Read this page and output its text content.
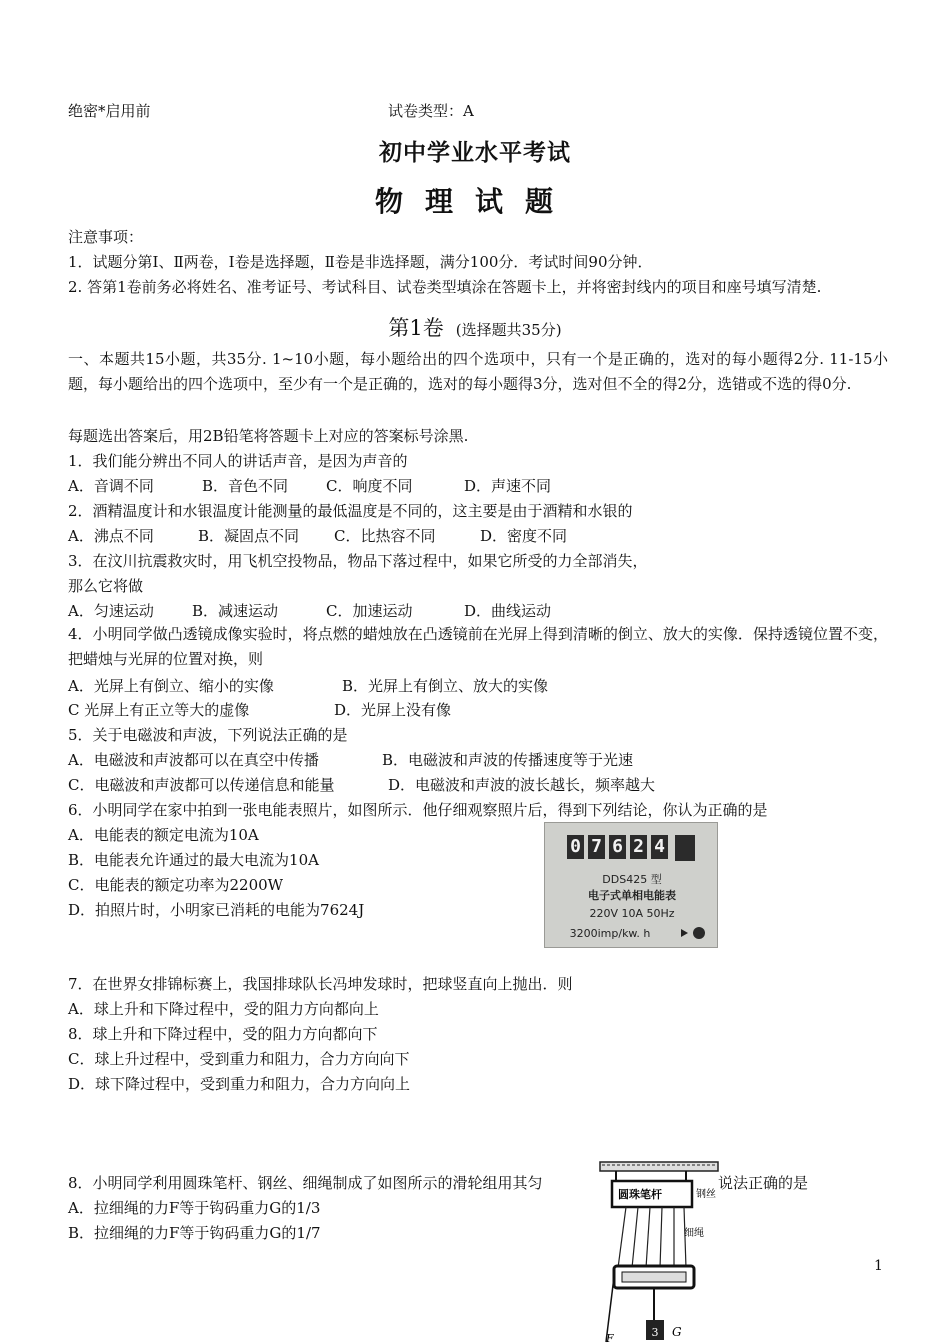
绝密*启用前	试卷类型：A
初中学业水平考试
物理试题
注意事项：
1．试题分第Ⅰ、Ⅱ两卷，Ⅰ卷是选择题，Ⅱ卷是非选择题，满分100分．考试时间90分钟．
2. 答第1卷前务必将姓名、准考证号、考试科目、试卷类型填涂在答题卡上，并将密封线内的项目和座号填写清楚.
第1卷 (选择题共35分)
一、本题共15小题，共35分. 1~10小题，每小题给出的四个选项中，只有一个是正确的，选对的每小题得2分. 11-15小题，每小题给出的四个选项中，至少有一个是正确的，选对的每小题得3分，选对但不全的得2分，选错或不选的得0分.
每题选出答案后，用2B铅笔将答题卡上对应的答案标号涂黑.
1．我们能分辨出不同人的讲话声音，是因为声音的
A．音调不同	B．音色不同	C．响度不同	D．声速不同
2．酒精温度计和水银温度计能测量的最低温度是不同的，这主要是由于酒精和水银的
A．沸点不同	B．凝固点不同 C．比热容不同	D．密度不同
3．在汶川抗震救灾时，用飞机空投物品，物品下落过程中，如果它所受的力全部消失，
那么它将做
A．匀速运动	B．减速运动	C．加速运动	D．曲线运动
4．小明同学做凸透镜成像实验时，将点燃的蜡烛放在凸透镜前在光屏上得到清晰的倒立、放大的实像．保持透镜位置不变，把蜡烛与光屏的位置对换，则
A．光屏上有倒立、缩小的实像	B．光屏上有倒立、放大的实像
C 光屏上有正立等大的虚像	D．光屏上没有像
5．关于电磁波和声波，下列说法正确的是
A．电磁波和声波都可以在真空中传播	B．电磁波和声波的传播速度等于光速
C．电磁波和声波都可以传递信息和能量	D．电磁波和声波的波长越长，频率越大
6．小明同学在家中拍到一张电能表照片，如图所示．他仔细观察照片后，得到下列结论，你认为正确的是
A．电能表的额定电流为10A
B．电能表允许通过的最大电流为10A
C．电能表的额定功率为2200W
D．拍照片时，小明家已消耗的电能为7624J
0 7 6 2 4
DDS425 型
电子式单相电能表
220V 10A 50Hz
3200imp/kw. h
7．在世界女排锦标赛上，我国排球队长冯坤发球时，把球竖直向上抛出．则
A．球上升和下降过程中，受的阻力方向都向上
8．球上升和下降过程中，受的阻力方向都向下
C．球上升过程中，受到重力和阻力，合力方向向下
D．球下降过程中，受到重力和阻力，合力方向向上
8．小明同学利用圆珠笔杆、钢丝、细绳制成了如图所示的滑轮组用其匀	说法正确的是
A．拉细绳的力F等于钩码重力G的1/3
B．拉细绳的力F等于钩码重力G的1/7
圆珠笔杆	钢丝
细绳
F	3 G
1
